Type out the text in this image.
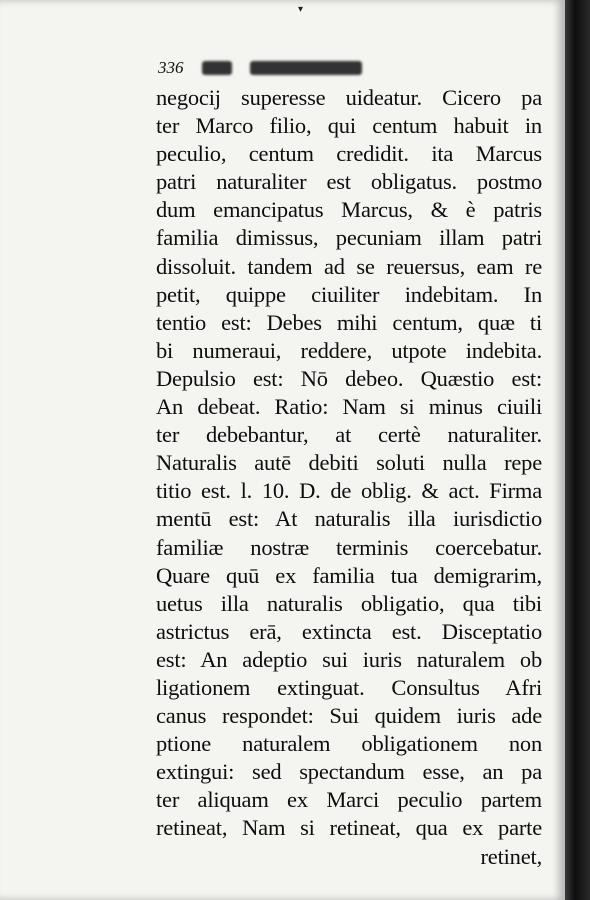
▾
336
negocij superesse uideatur. Cicero pa
ter Marco filio, qui centum habuit in
peculio, centum credidit. ita Marcus
patri naturaliter est obligatus. postmo
dum emancipatus Marcus, & è patris
familia dimissus, pecuniam illam patri
dissoluit. tandem ad se reuersus, eam re
petit, quippe ciuiliter indebitam. In
tentio est: Debes mihi centum, quæ ti
bi numeraui, reddere, utpote indebita.
Depulsio est: Nō debeo. Quæstio est:
An debeat. Ratio: Nam si minus ciuili
ter debebantur, at certè naturaliter.
Naturalis autē debiti soluti nulla repe
titio est. l. 10. D. de oblig. & act. Firma
mentū est: At naturalis illa iurisdictio
familiæ nostræ terminis coercebatur.
Quare quū ex familia tua demigrarim,
uetus illa naturalis obligatio, qua tibi
astrictus erā, extincta est. Disceptatio
est: An adeptio sui iuris naturalem ob
ligationem extinguat. Consultus Afri
canus respondet: Sui quidem iuris ade
ptione naturalem obligationem non
extingui: sed spectandum esse, an pa
ter aliquam ex Marci peculio partem
retineat, Nam si retineat, qua ex parte
retinet,
